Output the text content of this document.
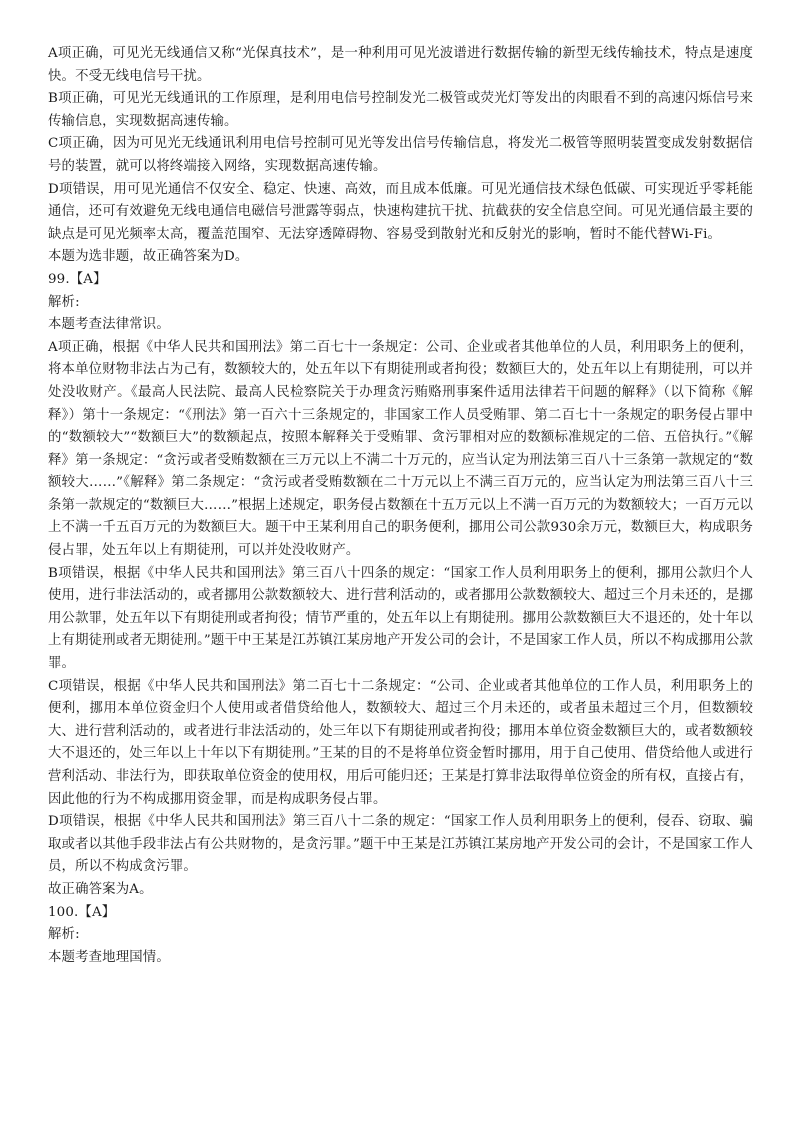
A项正确，可见光无线通信又称“光保真技术”，是一种利用可见光波谱进行数据传输的新型无线传输技术，特点是速度快。不受无线电信号干扰。

B项正确，可见光无线通讯的工作原理，是利用电信号控制发光二极管或荧光灯等发出的肉眼看不到的高速闪烁信号来传输信息，实现数据高速传输。

C项正确，因为可见光无线通讯利用电信号控制可见光等发出信号传输信息，将发光二极管等照明装置变成发射数据信号的装置，就可以将终端接入网络，实现数据高速传输。

D项错误，用可见光通信不仅安全、稳定、快速、高效，而且成本低廉。可见光通信技术绿色低碳、可实现近乎零耗能通信，还可有效避免无线电通信电磁信号泄露等弱点，快速构建抗干扰、抗截获的安全信息空间。可见光通信最主要的缺点是可见光频率太高，覆盖范围窄、无法穿透障碍物、容易受到散射光和反射光的影响，暂时不能代替Wi-Fi。

本题为选非题，故正确答案为D。

99.【A】

解析:

本题考查法律常识。

A项正确，根据《中华人民共和国刑法》第二百七十一条规定：公司、企业或者其他单位的人员，利用职务上的便利，将本单位财物非法占为己有，数额较大的，处五年以下有期徒刑或者拘役；数额巨大的，处五年以上有期徒刑，可以并处没收财产。《最高人民法院、最高人民检察院关于办理贪污贿赂刑事案件适用法律若干问题的解释》（以下简称《解释》）第十一条规定：“《刑法》第一百六十三条规定的，非国家工作人员受贿罪、第二百七十一条规定的职务侵占罪中的“数额较大”“数额巨大”的数额起点，按照本解释关于受贿罪、贪污罪相对应的数额标准规定的二倍、五倍执行。”《解释》第一条规定：“贪污或者受贿数额在三万元以上不满二十万元的，应当认定为刑法第三百八十三条第一款规定的“数额较大……”《解释》第二条规定：“贪污或者受贿数额在二十万元以上不满三百万元的，应当认定为刑法第三百八十三条第一款规定的“数额巨大……”根据上述规定，职务侵占数额在十五万元以上不满一百万元的为数额较大；一百万元以上不满一千五百万元的为数额巨大。题干中王某利用自己的职务便利，挪用公司公款930余万元，数额巨大，构成职务侵占罪，处五年以上有期徒刑，可以并处没收财产。

B项错误，根据《中华人民共和国刑法》第三百八十四条的规定：“国家工作人员利用职务上的便利，挪用公款归个人使用，进行非法活动的，或者挪用公款数额较大、进行营利活动的，或者挪用公款数额较大、超过三个月未还的，是挪用公款罪，处五年以下有期徒刑或者拘役；情节严重的，处五年以上有期徒刑。挪用公款数额巨大不退还的，处十年以上有期徒刑或者无期徒刑。”题干中王某是江苏镇江某房地产开发公司的会计，不是国家工作人员，所以不构成挪用公款罪。

C项错误，根据《中华人民共和国刑法》第二百七十二条规定：“公司、企业或者其他单位的工作人员，利用职务上的便利，挪用本单位资金归个人使用或者借贷给他人，数额较大、超过三个月未还的，或者虽未超过三个月，但数额较大、进行营利活动的，或者进行非法活动的，处三年以下有期徒刑或者拘役；挪用本单位资金数额巨大的，或者数额较大不退还的，处三年以上十年以下有期徒刑。”王某的目的不是将单位资金暂时挪用，用于自己使用、借贷给他人或进行营利活动、非法行为，即获取单位资金的使用权，用后可能归还；王某是打算非法取得单位资金的所有权，直接占有，因此他的行为不构成挪用资金罪，而是构成职务侵占罪。

D项错误，根据《中华人民共和国刑法》第三百八十二条的规定：“国家工作人员利用职务上的便利，侵吞、窃取、骗取或者以其他手段非法占有公共财物的，是贪污罪。”题干中王某是江苏镇江某房地产开发公司的会计，不是国家工作人员，所以不构成贪污罪。

故正确答案为A。

100.【A】

解析:

本题考查地理国情。
